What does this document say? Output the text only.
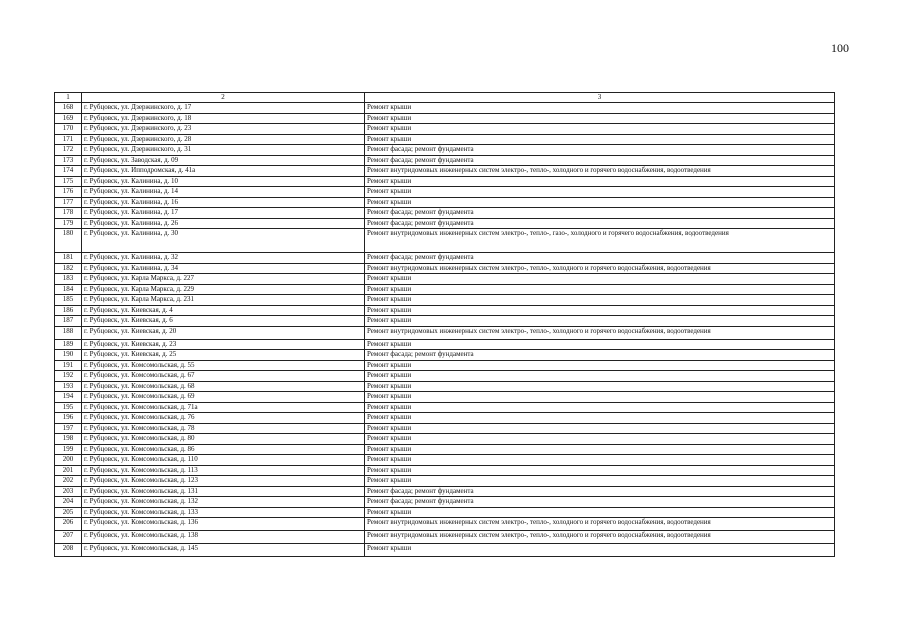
100
1	2	3
168	г. Рубцовск, ул. Дзержинского, д. 17	Ремонт крыши
169	г. Рубцовск, ул. Дзержинского, д. 18	Ремонт крыши
170	г. Рубцовск, ул. Дзержинского, д. 23	Ремонт крыши
171	г. Рубцовск, ул. Дзержинского, д. 28	Ремонт крыши
172	г. Рубцовск, ул. Дзержинского, д. 31	Ремонт фасада; ремонт фундамента
173	г. Рубцовск, ул. Заводская, д. 09	Ремонт фасада; ремонт фундамента
174	г. Рубцовск, ул. Ипподромская, д. 41а	Ремонт внутридомовых инженерных систем электро-, тепло-, холодного и горячего водоснабжения, водоотведения
175	г. Рубцовск, ул. Калинина, д. 10	Ремонт крыши
176	г. Рубцовск, ул. Калинина, д. 14	Ремонт крыши
177	г. Рубцовск, ул. Калинина, д. 16	Ремонт крыши
178	г. Рубцовск, ул. Калинина, д. 17	Ремонт фасада; ремонт фундамента
179	г. Рубцовск, ул. Калинина, д. 26	Ремонт фасада; ремонт фундамента
180	г. Рубцовск, ул. Калинина, д. 30	Ремонт внутридомовых инженерных систем электро-, тепло-, газо-, холодного и горячего водоснабжения, водоотведения
181	г. Рубцовск, ул. Калинина, д. 32	Ремонт фасада; ремонт фундамента
182	г. Рубцовск, ул. Калинина, д. 34	Ремонт внутридомовых инженерных систем электро-, тепло-, холодного и горячего водоснабжения, водоотведения
183	г. Рубцовск, ул. Карла Маркса, д. 227	Ремонт крыши
184	г. Рубцовск, ул. Карла Маркса, д. 229	Ремонт крыши
185	г. Рубцовск, ул. Карла Маркса, д. 231	Ремонт крыши
186	г. Рубцовск, ул. Киевская, д. 4	Ремонт крыши
187	г. Рубцовск, ул. Киевская, д. 6	Ремонт крыши
188	г. Рубцовск, ул. Киевская, д. 20	Ремонт внутридомовых инженерных систем электро-, тепло-, холодного и горячего водоснабжения, водоотведения
189	г. Рубцовск, ул. Киевская, д. 23	Ремонт крыши
190	г. Рубцовск, ул. Киевская, д. 25	Ремонт фасада; ремонт фундамента
191	г. Рубцовск, ул. Комсомольская, д. 55	Ремонт крыши
192	г. Рубцовск, ул. Комсомольская, д. 67	Ремонт крыши
193	г. Рубцовск, ул. Комсомольская, д. 68	Ремонт крыши
194	г. Рубцовск, ул. Комсомольская, д. 69	Ремонт крыши
195	г. Рубцовск, ул. Комсомольская, д. 71а	Ремонт крыши
196	г. Рубцовск, ул. Комсомольская, д. 76	Ремонт крыши
197	г. Рубцовск, ул. Комсомольская, д. 78	Ремонт крыши
198	г. Рубцовск, ул. Комсомольская, д. 80	Ремонт крыши
199	г. Рубцовск, ул. Комсомольская, д. 86	Ремонт крыши
200	г. Рубцовск, ул. Комсомольская, д. 110	Ремонт крыши
201	г. Рубцовск, ул. Комсомольская, д. 113	Ремонт крыши
202	г. Рубцовск, ул. Комсомольская, д. 123	Ремонт крыши
203	г. Рубцовск, ул. Комсомольская, д. 131	Ремонт фасада; ремонт фундамента
204	г. Рубцовск, ул. Комсомольская, д. 132	Ремонт фасада; ремонт фундамента
205	г. Рубцовск, ул. Комсомольская, д. 133	Ремонт крыши
206	г. Рубцовск, ул. Комсомольская, д. 136	Ремонт внутридомовых инженерных систем электро-, тепло-, холодного и горячего водоснабжения, водоотведения
207	г. Рубцовск, ул. Комсомольская, д. 138	Ремонт внутридомовых инженерных систем электро-, тепло-, холодного и горячего водоснабжения, водоотведения
208	г. Рубцовск, ул. Комсомольская, д. 145	Ремонт крыши
